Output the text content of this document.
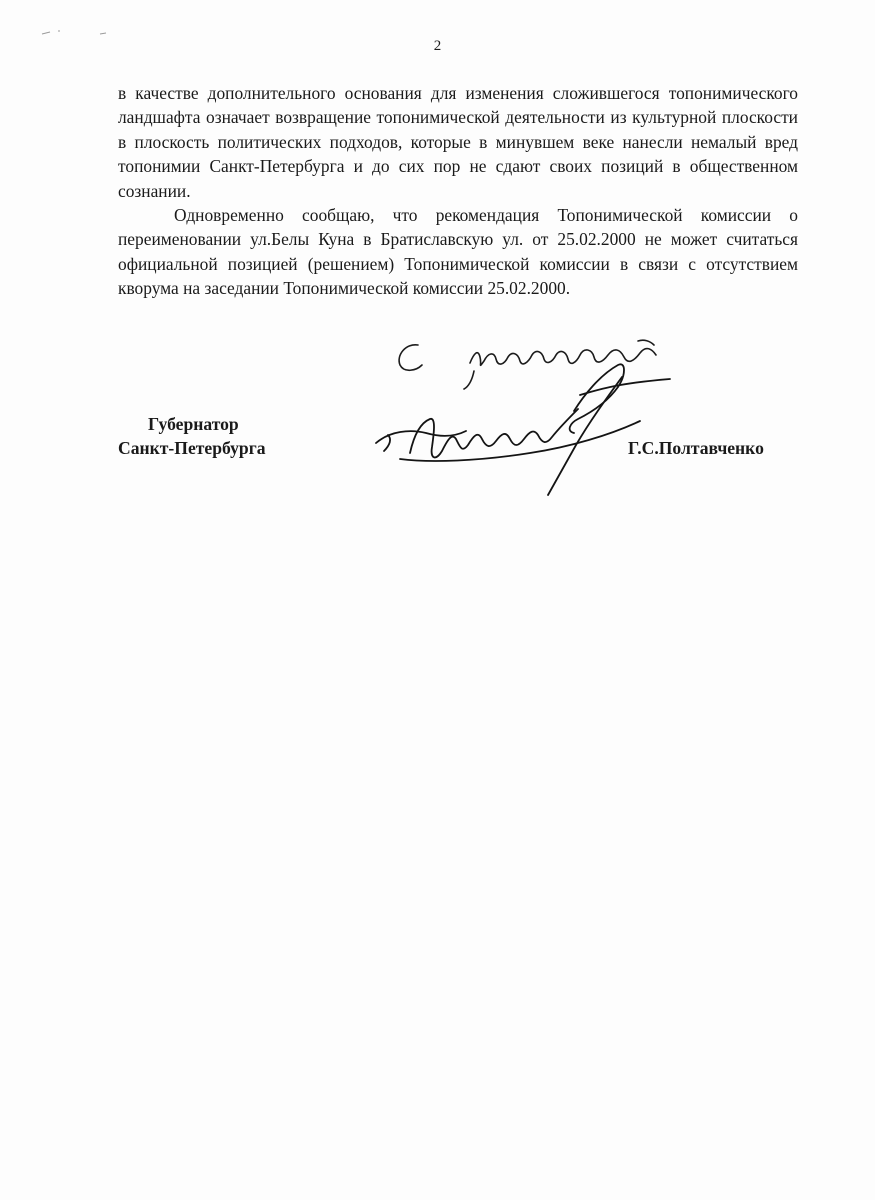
2

в качестве дополнительного основания для изменения сложившегося топонимического ландшафта означает возвращение топонимической деятельности из культурной плоскости в плоскость политических подходов, которые в минувшем веке нанесли немалый вред топонимии Санкт-Петербурга и до сих пор не сдают своих позиций в общественном сознании.

Одновременно сообщаю, что рекомендация Топонимической комиссии о переименовании ул.Белы Куна в Братиславскую ул. от 25.02.2000 не может считаться официальной позицией (решением) Топонимической комиссии в связи с отсутствием кворума на заседании Топонимической комиссии 25.02.2000.

Губернатор
Санкт-Петербурга	Г.С.Полтавченко
